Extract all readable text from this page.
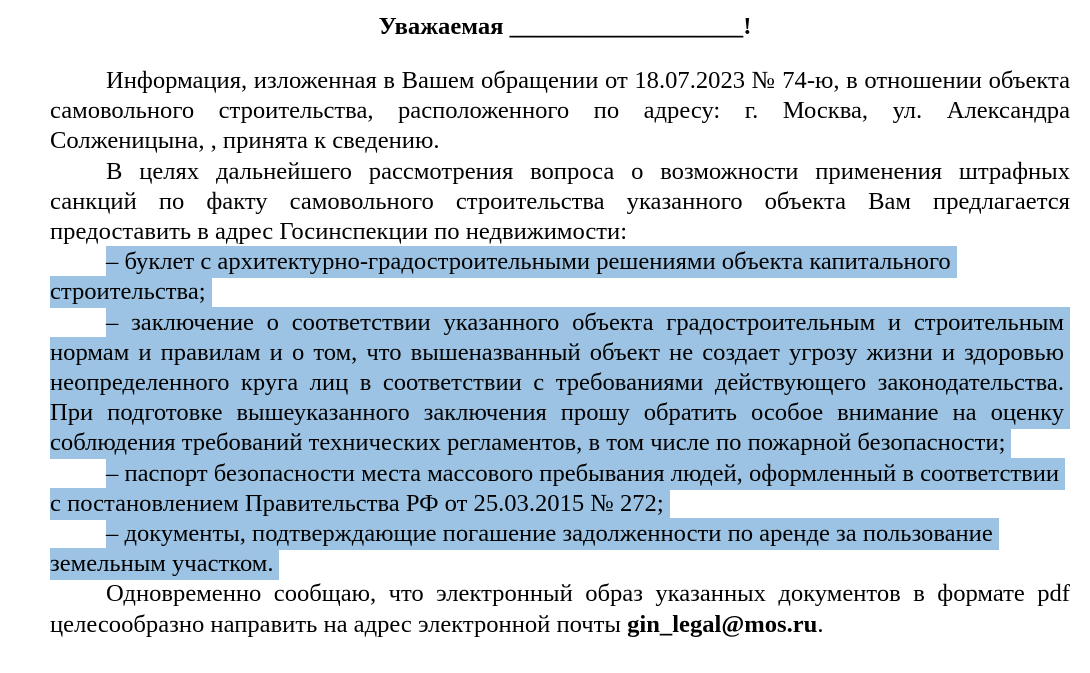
Уважаемая ___________________!

Информация, изложенная в Вашем обращении от 18.07.2023 № 74-ю, в отношении объекта самовольного строительства, расположенного по адресу: г. Москва, ул. Александра Солженицына, , принята к сведению.

В целях дальнейшего рассмотрения вопроса о возможности применения штрафных санкций по факту самовольного строительства указанного объекта Вам предлагается предоставить в адрес Госинспекции по недвижимости:

– буклет с архитектурно-градостроительными решениями объекта капитального строительства;

– заключение о соответствии указанного объекта градостроительным и строительным нормам и правилам и о том, что вышеназванный объект не создает угрозу жизни и здоровью неопределенного круга лиц в соответствии с требованиями действующего законодательства. При подготовке вышеуказанного заключения прошу обратить особое внимание на оценку соблюдения требований технических регламентов, в том числе по пожарной безопасности;

– паспорт безопасности места массового пребывания людей, оформленный в соответствии с постановлением Правительства РФ от 25.03.2015 № 272;

– документы, подтверждающие погашение задолженности по аренде за пользование земельным участком.

Одновременно сообщаю, что электронный образ указанных документов в формате pdf целесообразно направить на адрес электронной почты gin_legal@mos.ru.
